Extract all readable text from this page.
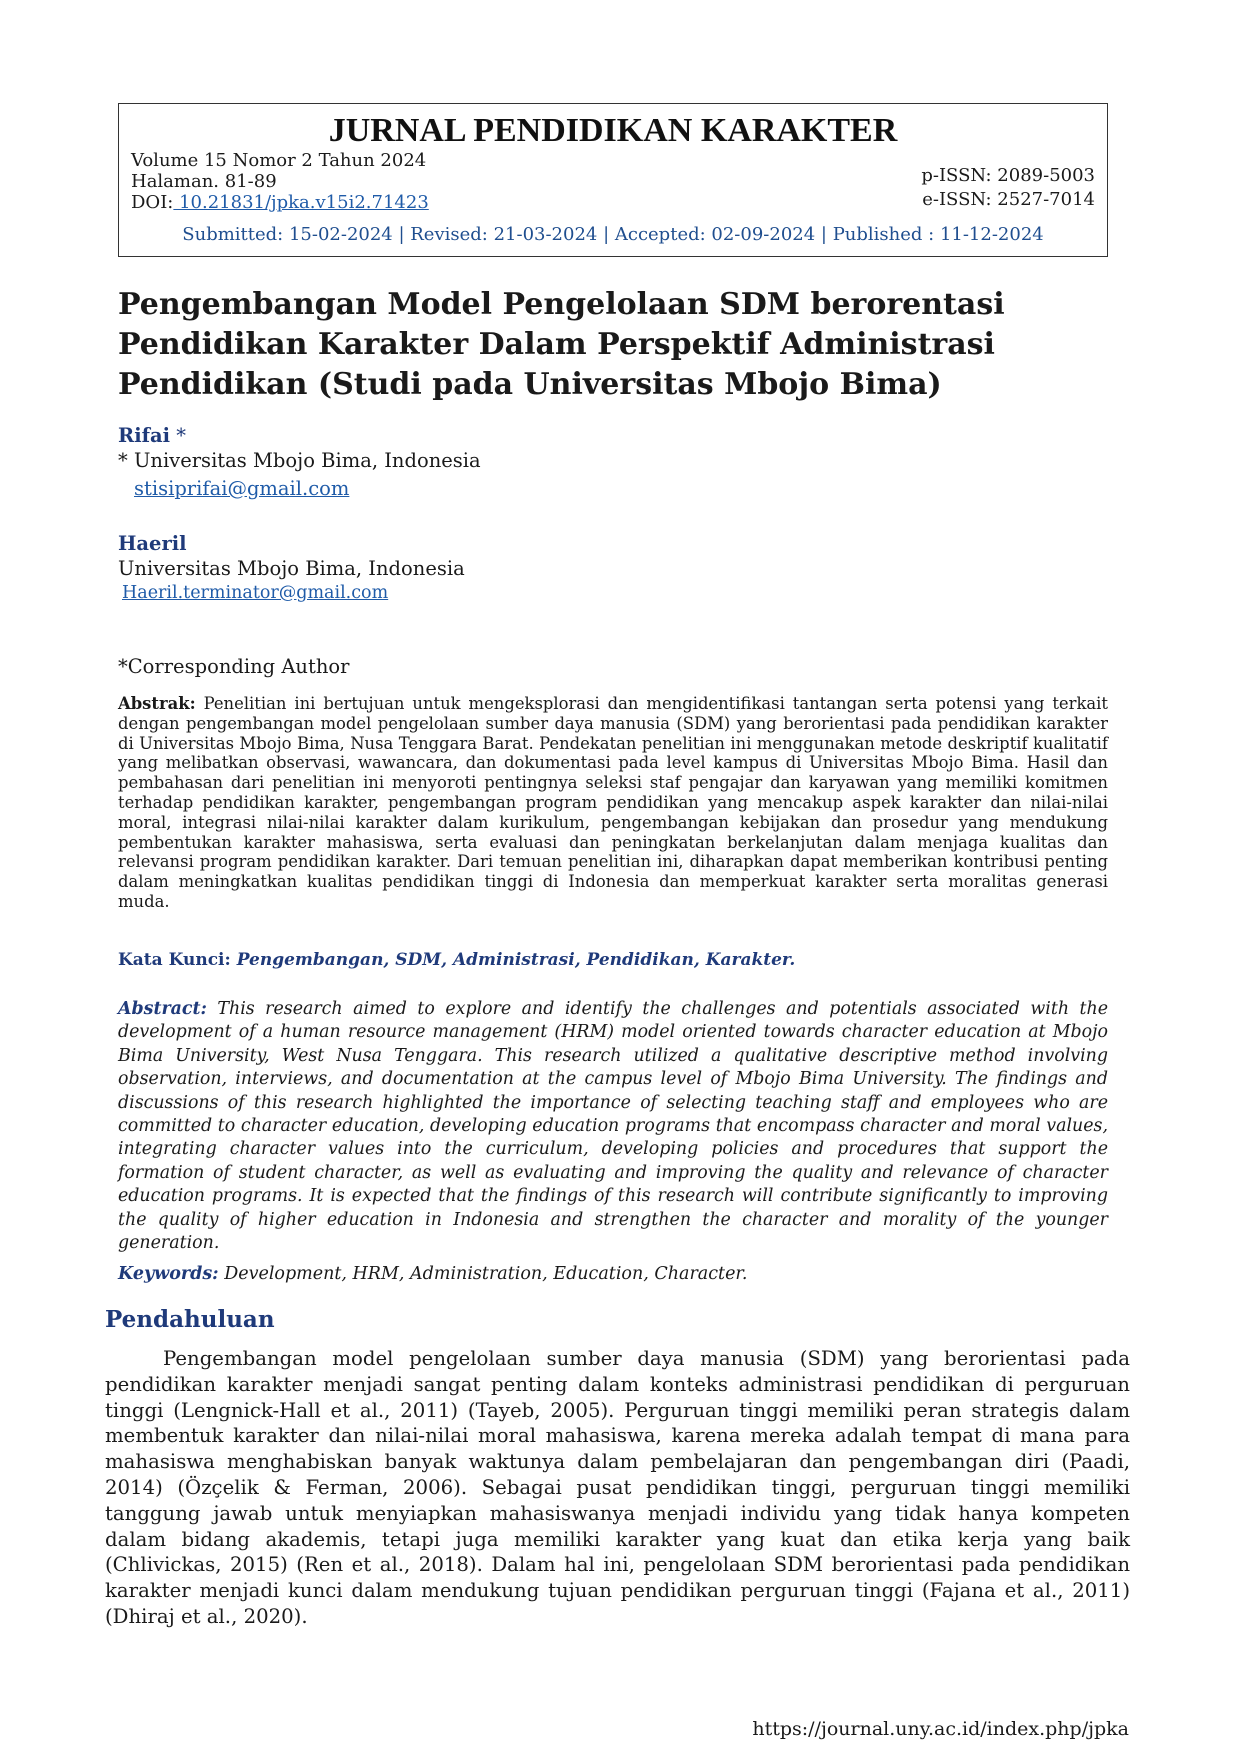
JURNAL PENDIDIKAN KARAKTER
Volume 15 Nomor 2 Tahun 2024
Halaman. 81-89
DOI: 10.21831/jpka.v15i2.71423
p-ISSN: 2089-5003
e-ISSN: 2527-7014
Submitted: 15-02-2024 | Revised: 21-03-2024 | Accepted: 02-09-2024 | Published : 11-12-2024
Pengembangan Model Pengelolaan SDM berorentasi Pendidikan Karakter Dalam Perspektif Administrasi Pendidikan (Studi pada Universitas Mbojo Bima)
Rifai *
* Universitas Mbojo Bima, Indonesia
stisiprifai@gmail.com
Haeril
Universitas Mbojo Bima, Indonesia
Haeril.terminator@gmail.com
*Corresponding Author
Abstrak: Penelitian ini bertujuan untuk mengeksplorasi dan mengidentifikasi tantangan serta potensi yang terkait dengan pengembangan model pengelolaan sumber daya manusia (SDM) yang berorientasi pada pendidikan karakter di Universitas Mbojo Bima, Nusa Tenggara Barat. Pendekatan penelitian ini menggunakan metode deskriptif kualitatif yang melibatkan observasi, wawancara, dan dokumentasi pada level kampus di Universitas Mbojo Bima. Hasil dan pembahasan dari penelitian ini menyoroti pentingnya seleksi staf pengajar dan karyawan yang memiliki komitmen terhadap pendidikan karakter, pengembangan program pendidikan yang mencakup aspek karakter dan nilai-nilai moral, integrasi nilai-nilai karakter dalam kurikulum, pengembangan kebijakan dan prosedur yang mendukung pembentukan karakter mahasiswa, serta evaluasi dan peningkatan berkelanjutan dalam menjaga kualitas dan relevansi program pendidikan karakter. Dari temuan penelitian ini, diharapkan dapat memberikan kontribusi penting dalam meningkatkan kualitas pendidikan tinggi di Indonesia dan memperkuat karakter serta moralitas generasi muda.
Kata Kunci: Pengembangan, SDM, Administrasi, Pendidikan, Karakter.
Abstract: This research aimed to explore and identify the challenges and potentials associated with the development of a human resource management (HRM) model oriented towards character education at Mbojo Bima University, West Nusa Tenggara. This research utilized a qualitative descriptive method involving observation, interviews, and documentation at the campus level of Mbojo Bima University. The findings and discussions of this research highlighted the importance of selecting teaching staff and employees who are committed to character education, developing education programs that encompass character and moral values, integrating character values into the curriculum, developing policies and procedures that support the formation of student character, as well as evaluating and improving the quality and relevance of character education programs. It is expected that the findings of this research will contribute significantly to improving the quality of higher education in Indonesia and strengthen the character and morality of the younger generation.
Keywords: Development, HRM, Administration, Education, Character.
Pendahuluan
Pengembangan model pengelolaan sumber daya manusia (SDM) yang berorientasi pada pendidikan karakter menjadi sangat penting dalam konteks administrasi pendidikan di perguruan tinggi (Lengnick-Hall et al., 2011) (Tayeb, 2005). Perguruan tinggi memiliki peran strategis dalam membentuk karakter dan nilai-nilai moral mahasiswa, karena mereka adalah tempat di mana para mahasiswa menghabiskan banyak waktunya dalam pembelajaran dan pengembangan diri (Paadi, 2014) (Özçelik & Ferman, 2006). Sebagai pusat pendidikan tinggi, perguruan tinggi memiliki tanggung jawab untuk menyiapkan mahasiswanya menjadi individu yang tidak hanya kompeten dalam bidang akademis, tetapi juga memiliki karakter yang kuat dan etika kerja yang baik (Chlivickas, 2015) (Ren et al., 2018). Dalam hal ini, pengelolaan SDM berorientasi pada pendidikan karakter menjadi kunci dalam mendukung tujuan pendidikan perguruan tinggi (Fajana et al., 2011) (Dhiraj et al., 2020).
https://journal.uny.ac.id/index.php/jpka
